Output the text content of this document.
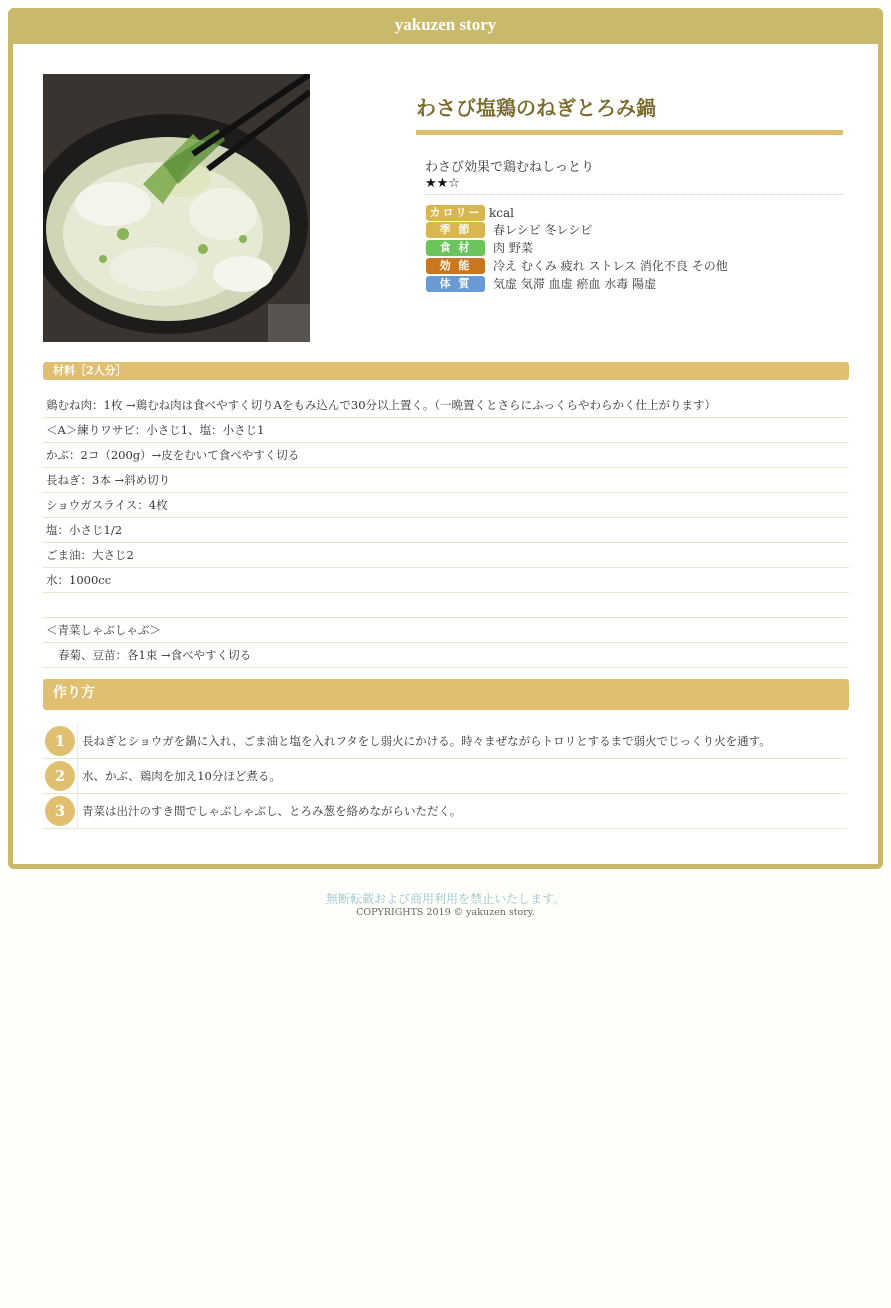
yakuzen story
わさび塩鶏のねぎとろみ鍋
わさび効果で鶏むねしっとり
★★☆
カロリー kcal
季 節	春レシピ 冬レシピ
食 材	肉 野菜
効 能	冷え むくみ 疲れ ストレス 消化不良 その他
体 質	気虚 気滞 血虚 瘀血 水毒 陽虚
材料［2人分］
鶏むね肉：1枚 →鶏むね肉は食べやすく切りAをもみ込んで30分以上置く。（一晩置くとさらにふっくらやわらかく仕上がります）
＜A＞練りワサビ：小さじ1、塩：小さじ1
かぶ：2コ（200g）→皮をむいて食べやすく切る
長ねぎ：3本 →斜め切り
ショウガスライス：4枚
塩：小さじ1/2
ごま油：大さじ2
水：1000cc
＜青菜しゃぶしゃぶ＞
春菊、豆苗：各1束 →食べやすく切る
作り方
1	長ねぎとショウガを鍋に入れ、ごま油と塩を入れフタをし弱火にかける。時々まぜながらトロリとするまで弱火でじっくり火を通す。
2	水、かぶ、鶏肉を加え10分ほど煮る。
3	青菜は出汁のすき間でしゃぶしゃぶし、とろみ葱を絡めながらいただく。
無断転載および商用利用を禁止いたします。
COPYRIGHTS 2019 © yakuzen story.
